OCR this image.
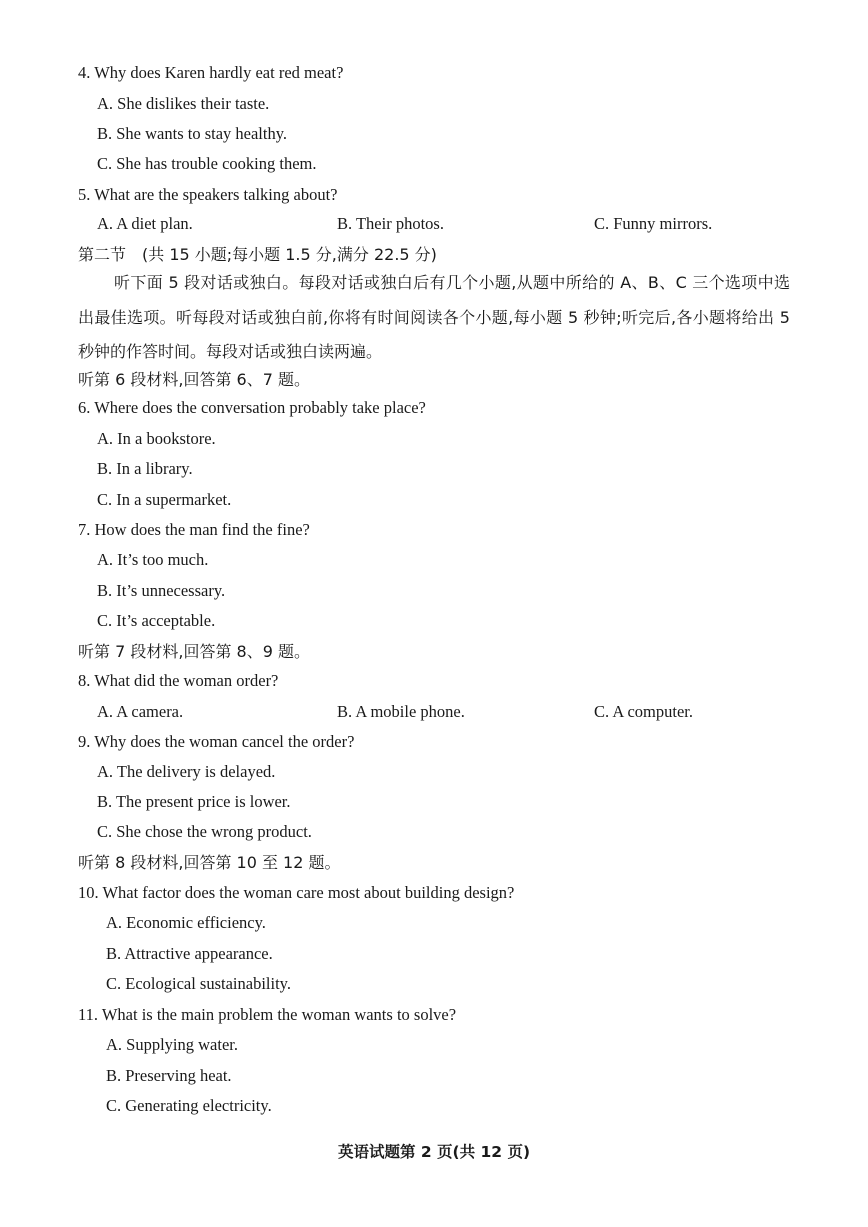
4. Why does Karen hardly eat red meat?
A. She dislikes their taste.
B. She wants to stay healthy.
C. She has trouble cooking them.
5. What are the speakers talking about?
A. A diet plan.	B. Their photos.	C. Funny mirrors.
第二节　(共 15 小题;每小题 1.5 分,满分 22.5 分)
听下面 5 段对话或独白。每段对话或独白后有几个小题,从题中所给的 A、B、C 三个选项中选出最佳选项。听每段对话或独白前,你将有时间阅读各个小题,每小题 5 秒钟;听完后,各小题将给出 5 秒钟的作答时间。每段对话或独白读两遍。
听第 6 段材料,回答第 6、7 题。
6. Where does the conversation probably take place?
A. In a bookstore.
B. In a library.
C. In a supermarket.
7. How does the man find the fine?
A. It’s too much.
B. It’s unnecessary.
C. It’s acceptable.
听第 7 段材料,回答第 8、9 题。
8. What did the woman order?
A. A camera.	B. A mobile phone.	C. A computer.
9. Why does the woman cancel the order?
A. The delivery is delayed.
B. The present price is lower.
C. She chose the wrong product.
听第 8 段材料,回答第 10 至 12 题。
10. What factor does the woman care most about building design?
A. Economic efficiency.
B. Attractive appearance.
C. Ecological sustainability.
11. What is the main problem the woman wants to solve?
A. Supplying water.
B. Preserving heat.
C. Generating electricity.
英语试题第 2 页(共 12 页)
